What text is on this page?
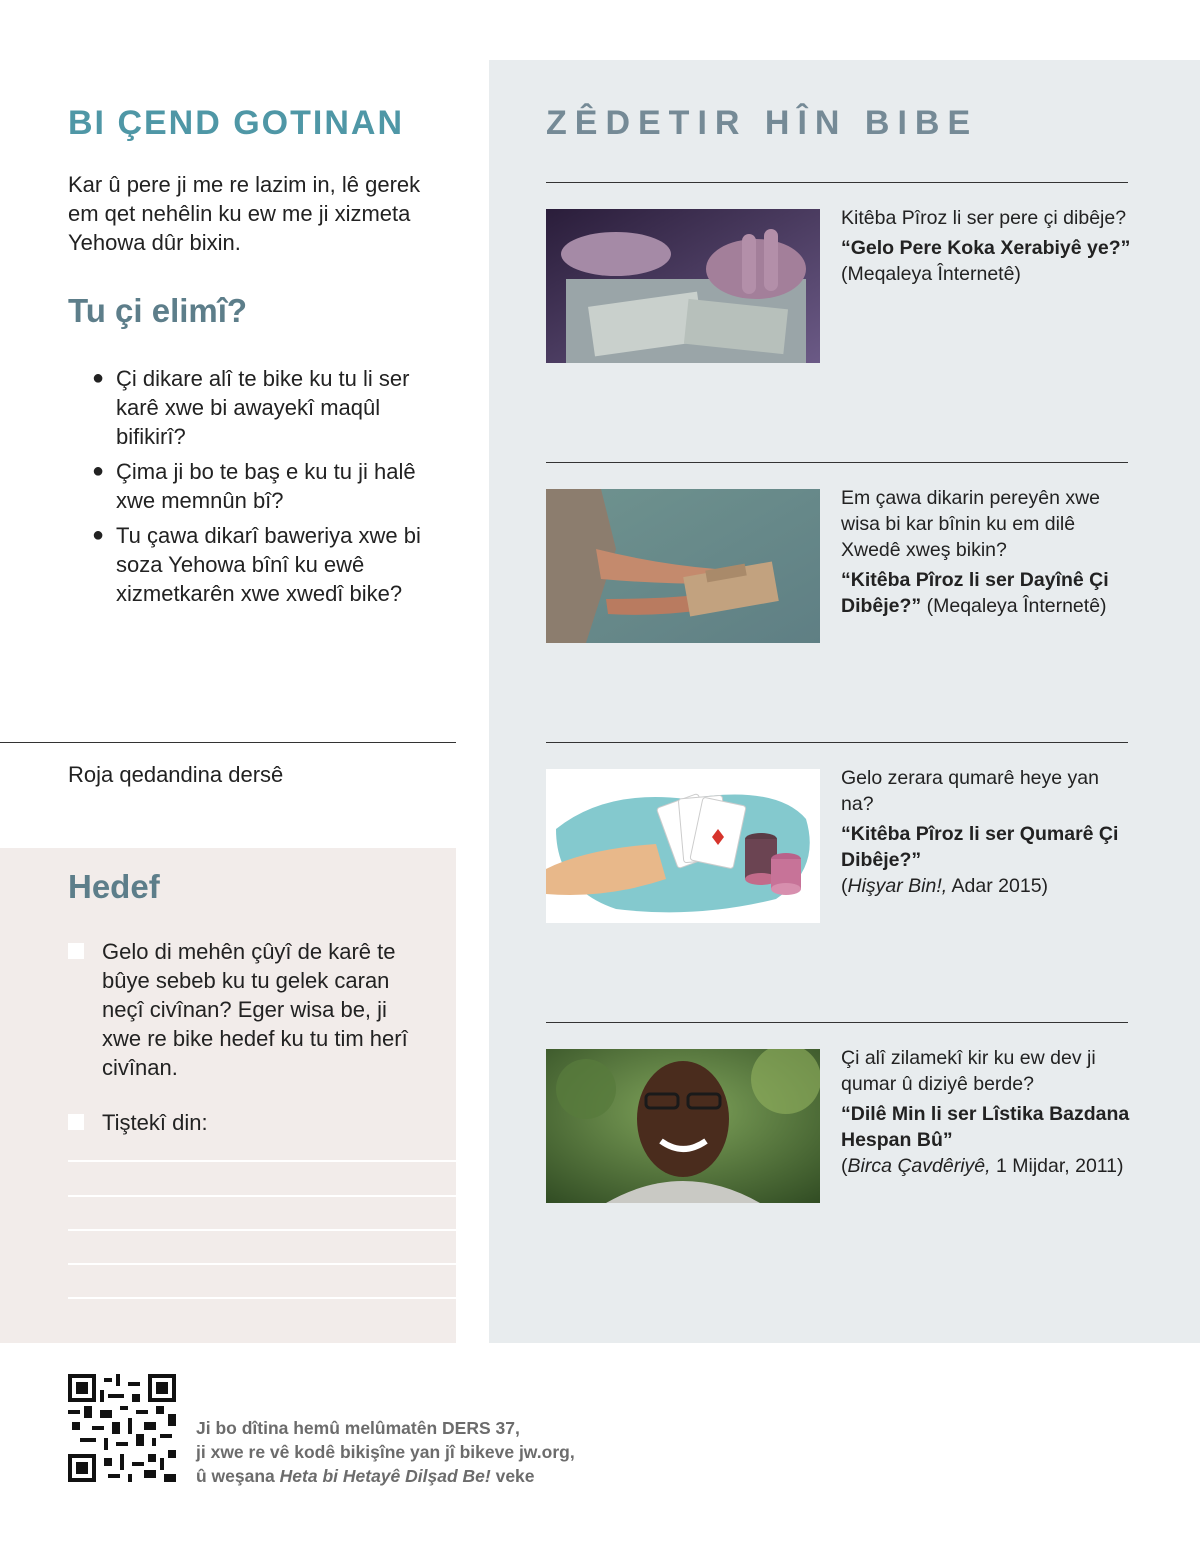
BI ÇEND GOTINAN

Kar û pere ji me re lazim in, lê gerek em qet nehêlin ku ew me ji xizmeta Yehowa dûr bixin.

Tu çi elimî?
● Çi dikare alî te bike ku tu li ser karê xwe bi awayekî maqûl bifikirî?
● Çima ji bo te baş e ku tu ji halê xwe memnûn bî?
● Tu çawa dikarî baweriya xwe bi soza Yehowa bînî ku ewê xizmetkarên xwe xwedî bike?

Roja qedandina dersê

Hedef
Gelo di mehên çûyî de karê te bûye sebeb ku tu gelek caran neçî civînan? Eger wisa be, ji xwe re bike hedef ku tu tim herî civînan.
Tiştekî din:
ZÊDETIR HÎN BIBE
Kitêba Pîroz li ser pere çi dibêje?
“Gelo Pere Koka Xerabiyê ye?”
(Meqaleya Înternetê)
Em çawa dikarin pereyên xwe wisa bi kar bînin ku em dilê Xwedê xweş bikin?
“Kitêba Pîroz li ser Dayînê Çi Dibêje?” (Meqaleya Înternetê)
Gelo zerara qumarê heye yan na?
“Kitêba Pîroz li ser Qumarê Çi Dibêje?”
(Hişyar Bin!, Adar 2015)
Çi alî zilamekî kir ku ew dev ji qumar û diziyê berde?
“Dilê Min li ser Lîstika Bazdana Hespan Bû”
(Birca Çavdêriyê, 1 Mijdar, 2011)
Ji bo dîtina hemû melûmatên DERS 37,
ji xwe re vê kodê bikişîne yan jî bikeve jw.org,
û weşana Heta bi Hetayê Dilşad Be! veke
